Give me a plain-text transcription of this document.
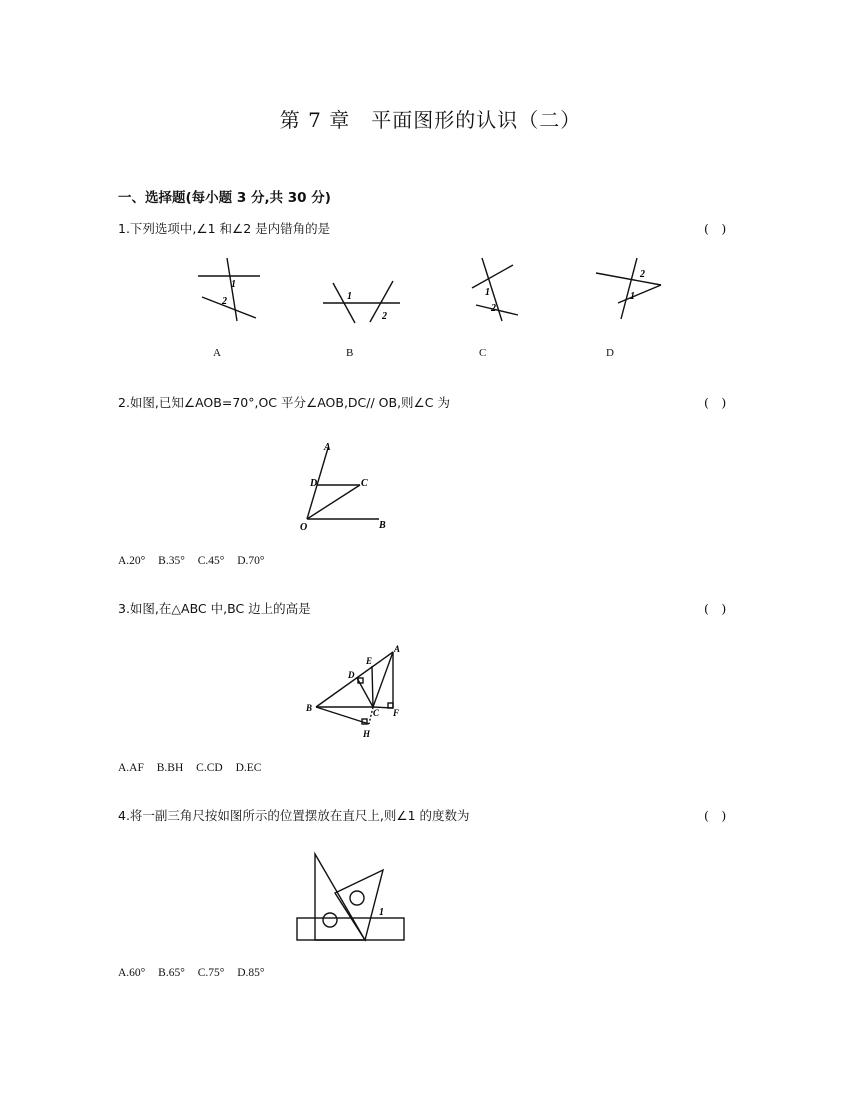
第 7 章　平面图形的认识（二）
一、选择题(每小题 3 分,共 30 分)
1.下列选项中,∠1 和∠2 是内错角的是	(　)
1
2	1
2
1
2
2
1
A	B	C	D
2.如图,已知∠AOB=70°,OC 平分∠AOB,DC// OB,则∠C 为	(　)
A
D	C
O	B
A.20° B.35° C.45° D.70°
3.如图,在△ABC 中,BC 边上的高是	(　)
A
E
D
B	C F
H
A.AF B.BH C.CD D.EC
4.将一副三角尺按如图所示的位置摆放在直尺上,则∠1 的度数为	(　)
1
A.60° B.65° C.75° D.85°
